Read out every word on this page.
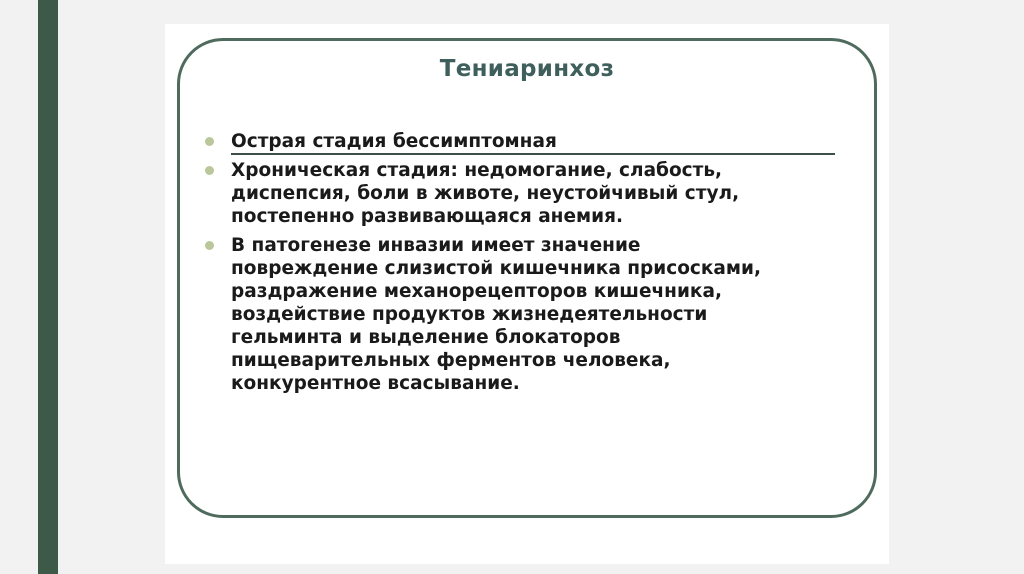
Тениаринхоз
Острая стадия бессимптомная
Хроническая стадия: недомогание, слабость,
диспепсия, боли в животе, неустойчивый стул,
постепенно развивающаяся анемия.
В патогенезе инвазии имеет значение
повреждение слизистой кишечника присосками,
раздражение механорецепторов кишечника,
воздействие продуктов жизнедеятельности
гельминта и выделение блокаторов
пищеварительных ферментов человека,
конкурентное всасывание.
